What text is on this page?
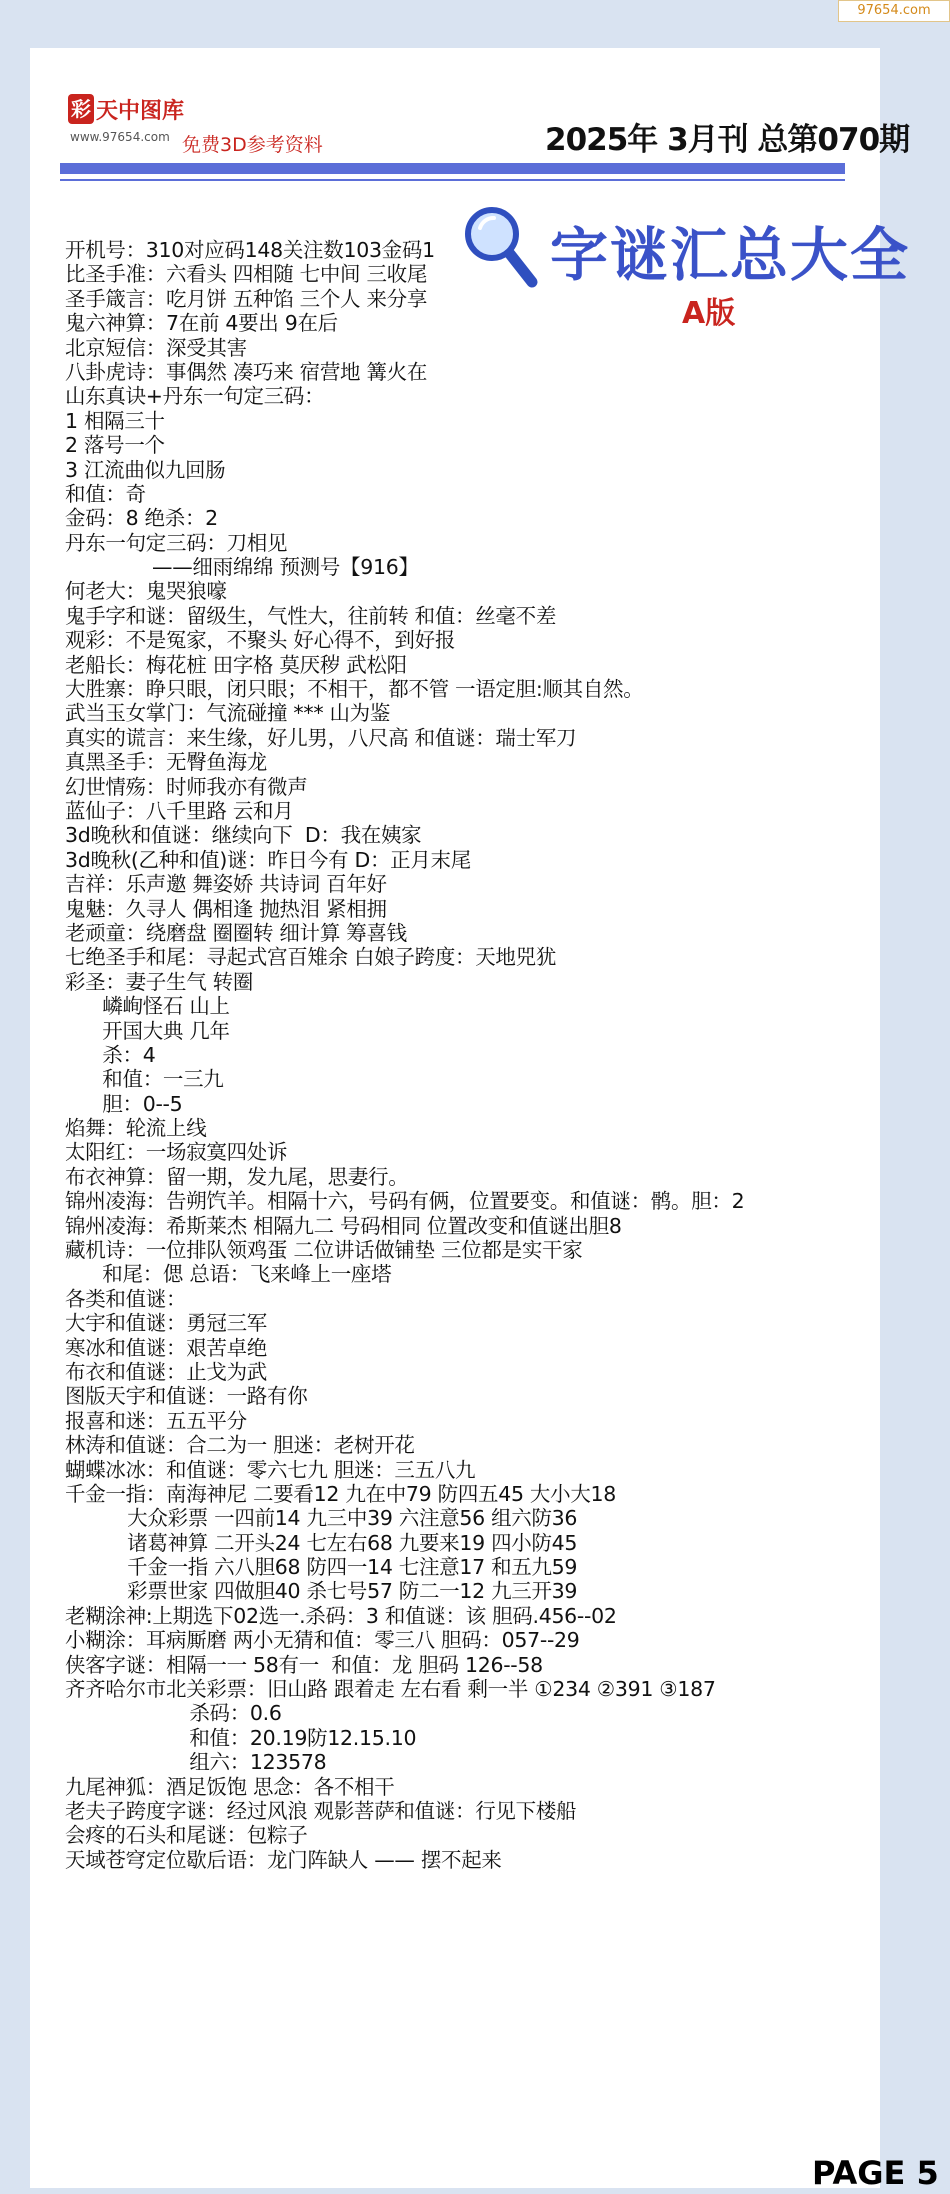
97654.com
彩 天中图库
www.97654.com 免费3D参考资料	2025年 3月刊 总第070期
字谜汇总大全
A版
开机号：310对应码148关注数103金码1
比圣手准：六看头 四相随 七中间 三收尾
圣手箴言：吃月饼 五种馅 三个人 来分享
鬼六神算：7在前 4要出 9在后
北京短信：深受其害
八卦虎诗：事偶然 凑巧来 宿营地 篝火在
山东真诀+丹东一句定三码：
1 相隔三十
2 落号一个
3 江流曲似九回肠
和值：奇
金码：8 绝杀：2
丹东一句定三码：刀相见
——细雨绵绵 预测号【916】
何老大：鬼哭狼嚎
鬼手字和谜：留级生，气性大，往前转 和值：丝毫不差
观彩：不是冤家，不聚头 好心得不，到好报
老船长：梅花桩 田字格 莫厌秽 武松阳
大胜寨：睁只眼，闭只眼；不相干，都不管 一语定胆:顺其自然。
武当玉女掌门：气流碰撞 *** 山为鉴
真实的谎言：来生缘，好儿男，八尺高 和值谜：瑞士军刀
真黑圣手：无臀鱼海龙
幻世情殇：时师我亦有微声
蓝仙子：八千里路 云和月
3d晚秋和值谜：继续向下  D：我在姨家
3d晚秋(乙种和值)谜：昨日今有 D：正月末尾
吉祥：乐声邀 舞姿娇 共诗词 百年好
鬼魅：久寻人 偶相逢 抛热泪 紧相拥
老顽童：绕磨盘 圈圈转 细计算 筹喜钱
七绝圣手和尾：寻起式宫百雉余 白娘子跨度：天地兕犹
彩圣：妻子生气 转圈
嶙峋怪石 山上
开国大典 几年
杀：4
和值：一三九
胆：0--5
焰舞：轮流上线
太阳红：一场寂寞四处诉
布衣神算：留一期，发九尾，思妻行。
锦州凌海：告朔饩羊。相隔十六，号码有俩，位置要变。和值谜：鹘。胆：2
锦州凌海：希斯莱杰 相隔九二 号码相同 位置改变和值谜出胆8
藏机诗：一位排队领鸡蛋 二位讲话做铺垫 三位都是实干家
和尾：偲 总语：飞来峰上一座塔
各类和值谜：
大宇和值谜：勇冠三军
寒冰和值谜：艰苦卓绝
布衣和值谜：止戈为武
图版天宇和值谜：一路有你
报喜和迷：五五平分
林涛和值谜：合二为一 胆迷：老树开花
蝴蝶冰冰：和值谜：零六七九 胆迷：三五八九
千金一指：南海神尼 二要看12 九在中79 防四五45 大小大18
大众彩票 一四前14 九三中39 六注意56 组六防36
诸葛神算 二开头24 七左右68 九要来19 四小防45
千金一指 六八胆68 防四一14 七注意17 和五九59
彩票世家 四做胆40 杀七号57 防二一12 九三开39
老糊涂神:上期选下02选一.杀码：3 和值谜：该 胆码.456--02
小糊涂：耳病厮磨 两小无猜和值：零三八 胆码：057--29
侠客字谜：相隔一一 58有一  和值：龙 胆码 126--58
齐齐哈尔市北关彩票：旧山路 跟着走 左右看 剩一半 ①234 ②391 ③187
杀码：0.6
和值：20.19防12.15.10
组六：123578
九尾神狐：酒足饭饱 思念：各不相干
老夫子跨度字谜：经过风浪 观影菩萨和值谜：行见下楼船
会疼的石头和尾谜：包粽子
天域苍穹定位歇后语：龙门阵缺人 —— 摆不起来
PAGE 5
